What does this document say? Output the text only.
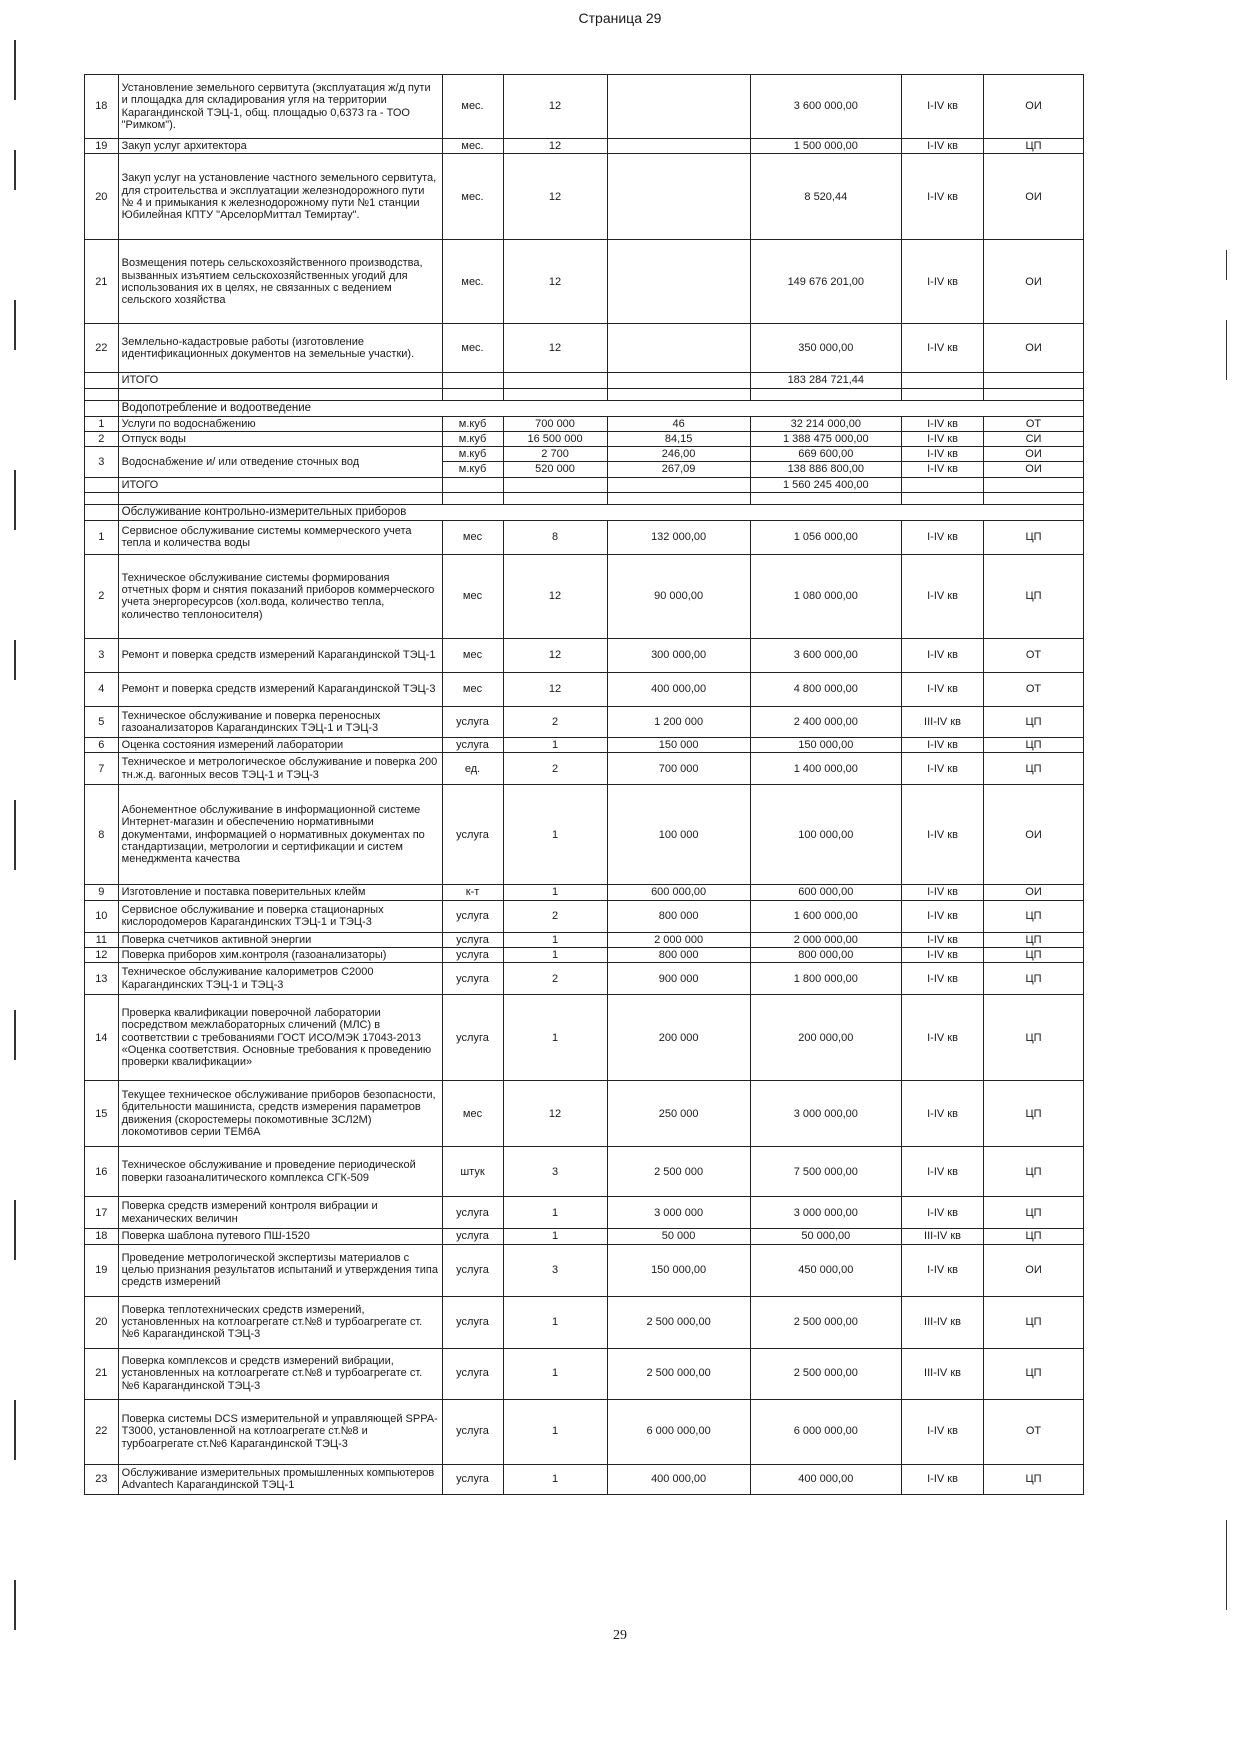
Страница 29
18	Установление земельного сервитута (эксплуатация ж/д пути и площадка для складирования угля на территории Карагандинской ТЭЦ-1, общ. площадью 0,6373 га - ТОО "Римком").	мес.	12		3 600 000,00	I-IV кв	ОИ
19	Закуп услуг архитектора	мес.	12		1 500 000,00	I-IV кв	ЦП
20	Закуп услуг на установление частного земельного сервитута, для строительства и эксплуатации железнодорожного пути № 4 и примыкания к железнодорожному пути №1 станции Юбилейная КПТУ "АрселорМиттал Темиртау".	мес.	12		8 520,44	I-IV кв	ОИ
21	Возмещения потерь сельскохозяйственного производства, вызванных изъятием сельскохозяйственных угодий для использования их в целях, не связанных с ведением сельского хозяйства	мес.	12		149 676 201,00	I-IV кв	ОИ
22	Землельно-кадастровые работы (изготовление идентификационных документов на земельные участки).	мес.	12		350 000,00	I-IV кв	ОИ
	ИТОГО				183 284 721,44		

	Водопотребление и водоотведение						
1	Услуги по водоснабжению	м.куб	700 000	46	32 214 000,00	I-IV кв	ОТ
2	Отпуск воды	м.куб	16 500 000	84,15	1 388 475 000,00	I-IV кв	СИ
3	Водоснабжение и/ или отведение сточных вод	м.куб	2 700	246,00	669 600,00	I-IV кв	ОИ
		м.куб	520 000	267,09	138 886 800,00	I-IV кв	ОИ
	ИТОГО				1 560 245 400,00		

	Обслуживание контрольно-измерительных приборов						
1	Сервисное обслуживание системы коммерческого учета тепла и количества воды	мес	8	132 000,00	1 056 000,00	I-IV кв	ЦП
2	Техническое обслуживание системы формирования отчетных форм и снятия показаний приборов коммерческого учета энергоресурсов (хол.вода, количество тепла, количество теплоносителя)	мес	12	90 000,00	1 080 000,00	I-IV кв	ЦП
3	Ремонт и поверка средств измерений Карагандинской ТЭЦ-1	мес	12	300 000,00	3 600 000,00	I-IV кв	ОТ
4	Ремонт и поверка средств измерений Карагандинской ТЭЦ-3	мес	12	400 000,00	4 800 000,00	I-IV кв	ОТ
5	Техническое обслуживание и поверка переносных газоанализаторов Карагандинских ТЭЦ-1 и ТЭЦ-3	услуга	2	1 200 000	2 400 000,00	III-IV кв	ЦП
6	Оценка состояния измерений лаборатории	услуга	1	150 000	150 000,00	I-IV кв	ЦП
7	Техническое и метрологическое обслуживание и поверка 200 тн.ж.д. вагонных весов ТЭЦ-1 и ТЭЦ-3	ед.	2	700 000	1 400 000,00	I-IV кв	ЦП
8	Абонементное обслуживание в информационной системе Интернет-магазин и обеспечению нормативными документами, информацией о нормативных документах по стандартизации, метрологии и сертификации и систем менеджмента качества	услуга	1	100 000	100 000,00	I-IV кв	ОИ
9	Изготовление и поставка поверительных клейм	к-т	1	600 000,00	600 000,00	I-IV кв	ОИ
10	Сервисное обслуживание и поверка стационарных кислородомеров Карагандинских ТЭЦ-1 и ТЭЦ-3	услуга	2	800 000	1 600 000,00	I-IV кв	ЦП
11	Поверка счетчиков активной энергии	услуга	1	2 000 000	2 000 000,00	I-IV кв	ЦП
12	Поверка приборов хим.контроля (газоанализаторы)	услуга	1	800 000	800 000,00	I-IV кв	ЦП
13	Техническое обслуживание калориметров С2000 Карагандинских ТЭЦ-1 и ТЭЦ-3	услуга	2	900 000	1 800 000,00	I-IV кв	ЦП
14	Проверка квалификации поверочной лаборатории посредством межлабораторных сличений (МЛС) в соответствии с требованиями ГОСТ ИСО/МЭК 17043-2013 «Оценка соответствия. Основные требования к проведению проверки квалификации»	услуга	1	200 000	200 000,00	I-IV кв	ЦП
15	Текущее техническое обслуживание приборов безопасности, бдительности машиниста, средств измерения параметров движения (скоростемеры покомотивные ЗСЛ2М) локомотивов серии ТЕМ6А	мес	12	250 000	3 000 000,00	I-IV кв	ЦП
16	Техническое обслуживание и проведение периодической поверки газоаналитического комплекса СГК-509	штук	3	2 500 000	7 500 000,00	I-IV кв	ЦП
17	Поверка средств измерений контроля вибрации и механических величин	услуга	1	3 000 000	3 000 000,00	I-IV кв	ЦП
18	Поверка шаблона путевого ПШ-1520	услуга	1	50 000	50 000,00	III-IV кв	ЦП
19	Проведение метрологической экспертизы материалов с целью признания результатов испытаний и утверждения типа средств измерений	услуга	3	150 000,00	450 000,00	I-IV кв	ОИ
20	Поверка теплотехнических средств измерений, установленных на котлоагрегате ст.№8 и турбоагрегате ст.№6 Карагандинской ТЭЦ-3	услуга	1	2 500 000,00	2 500 000,00	III-IV кв	ЦП
21	Поверка комплексов и средств измерений вибрации, установленных на котлоагрегате ст.№8 и турбоагрегате ст.№6 Карагандинской ТЭЦ-3	услуга	1	2 500 000,00	2 500 000,00	III-IV кв	ЦП
22	Поверка системы DCS измерительной и управляющей SPPA-T3000, установленной на котлоагрегате ст.№8 и турбоагрегате ст.№6 Карагандинской ТЭЦ-3	услуга	1	6 000 000,00	6 000 000,00	I-IV кв	ОТ
23	Обслуживание измерительных промышленных компьютеров Advantech Карагандинской ТЭЦ-1	услуга	1	400 000,00	400 000,00	I-IV кв	ЦП
29
